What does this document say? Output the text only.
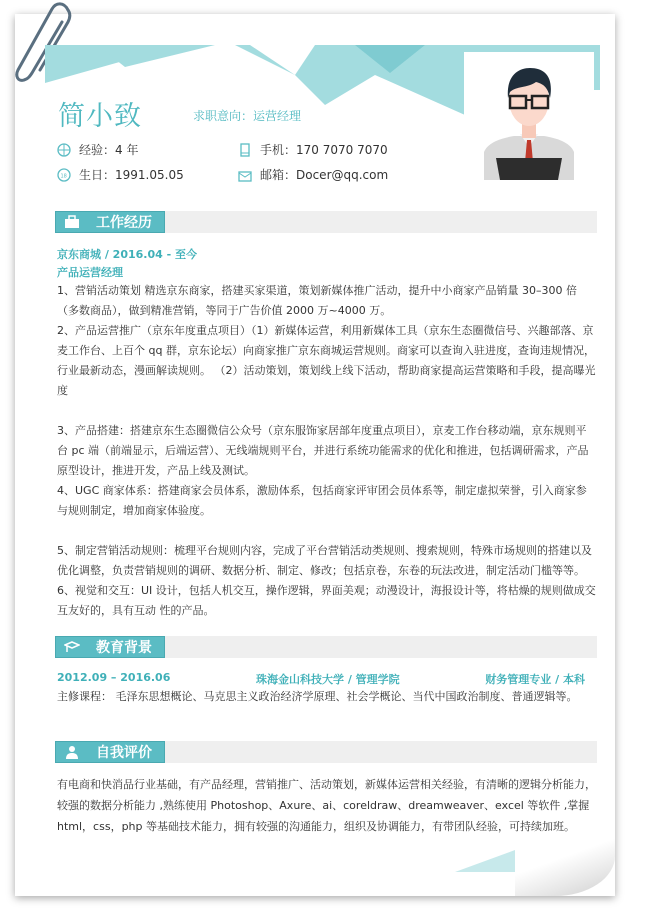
简小致	求职意向：运营经理
经验：4 年
18 生日：1991.05.05
手机：170 7070 7070
邮箱：Docer@qq.com
工作经历

京东商城 / 2016.04 - 至今

产品运营经理

1、营销活动策划 精选京东商家，搭建买家渠道，策划新媒体推广活动，提升中小商家产品销量 30–300 倍（多数商品），做到精准营销，等同于广告价值 2000 万~4000 万。

2、产品运营推广（京东年度重点项目）（1）新媒体运营，利用新媒体工具（京东生态圈微信号、兴趣部落、京麦工作台、上百个 qq 群，京东论坛）向商家推广京东商城运营规则。商家可以查询入驻进度，查询违规情况，行业最新动态，漫画解读规则。 （2）活动策划，策划线上线下活动，帮助商家提高运营策略和手段，提高曝光度

3、产品搭建：搭建京东生态圈微信公众号（京东服饰家居部年度重点项目），京麦工作台移动端，京东规则平台 pc 端（前端显示，后端运营）、无线端规则平台，并进行系统功能需求的优化和推进，包括调研需求，产品原型设计，推进开发，产品上线及测试。

4、UGC 商家体系：搭建商家会员体系，激励体系，包括商家评审团会员体系等，制定虚拟荣誉，引入商家参与规则制定，增加商家体验度。

5、制定营销活动规则：梳理平台规则内容，完成了平台营销活动类规则、搜索规则，特殊市场规则的搭建以及优化调整，负责营销规则的调研、数据分析、制定、修改；包括京卷，东卷的玩法改进，制定活动门槛等等。

6、视觉和交互：UI 设计，包括人机交互，操作逻辑，界面美观；动漫设计，海报设计等，将枯燥的规则做成交互友好的，具有互动 性的产品。

教育背景
2012.09 – 2016.06	珠海金山科技大学 / 管理学院	财务管理专业 / 本科
主修课程： 毛泽东思想概论、马克思主义政治经济学原理、社会学概论、当代中国政治制度、普通逻辑等。
自我评价
有电商和快消品行业基础，有产品经理，营销推广、活动策划，新媒体运营相关经验，有清晰的逻辑分析能力，较强的数据分析能力 ,熟练使用 Photoshop、Axure、ai、coreldraw、dreamweaver、excel 等软件 ,掌握 html，css，php 等基础技术能力，拥有较强的沟通能力，组织及协调能力，有带团队经验，可持续加班。
